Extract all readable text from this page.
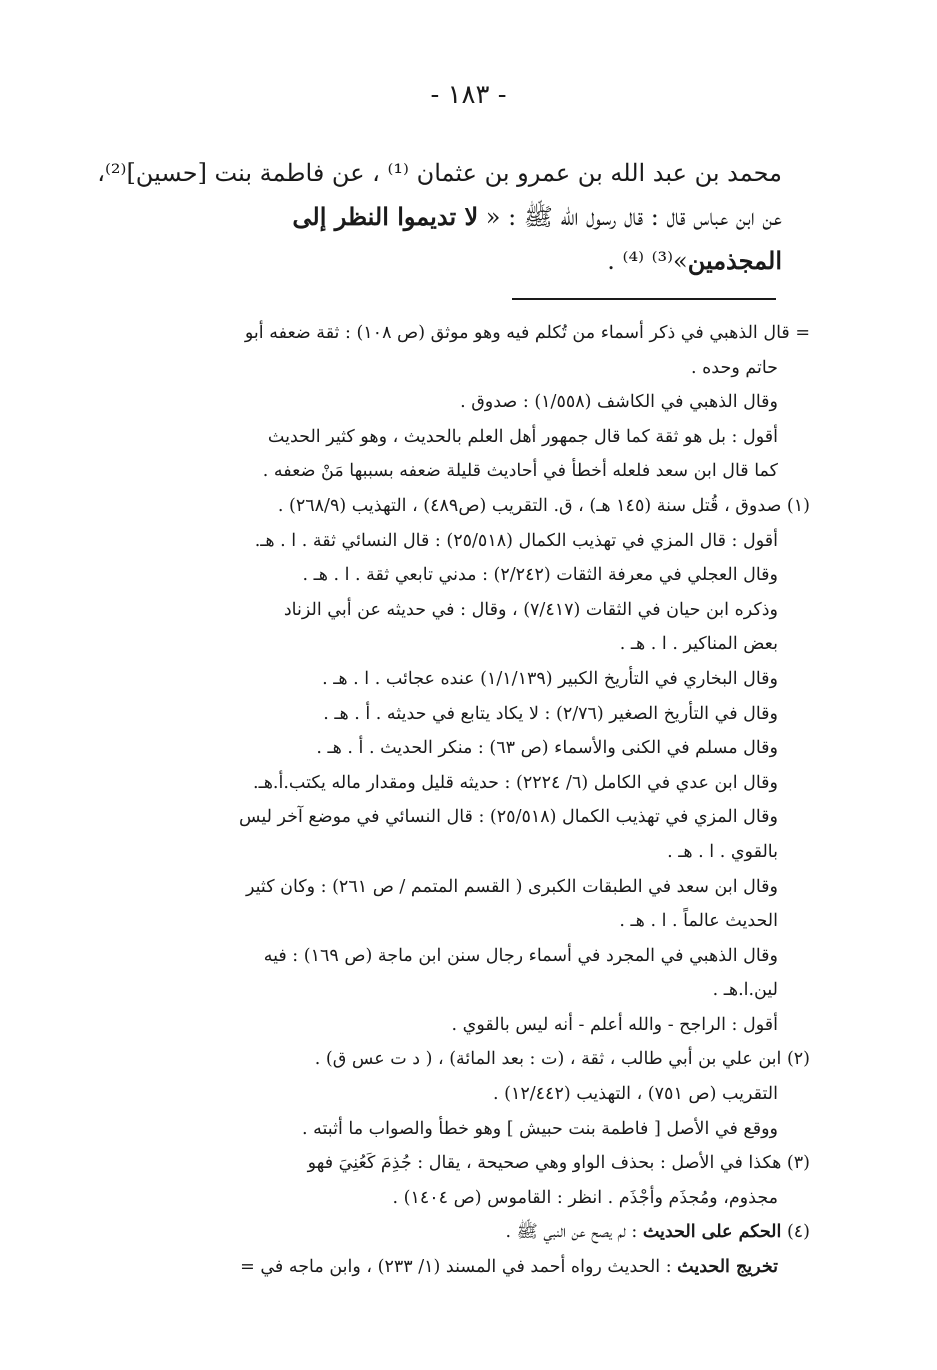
- ١٨٣ -
محمد بن عبد الله بن عمرو بن عثمان ⁽¹⁾ ، عن فاطمة بنت [حسين]⁽²⁾،
عن ابن عباس قال : قال رسول الله ﷺ : « لا تديموا النظر إلى
المجذمين»⁽³⁾ ⁽⁴⁾ .
= قال الذهبي في ذكر أسماء من تُكلم فيه وهو موثق (ص ١٠٨) : ثقة ضعفه أبو
حاتم وحده .
وقال الذهبي في الكاشف (١/٥٥٨) : صدوق .
أقول : بل هو ثقة كما قال جمهور أهل العلم بالحديث ، وهو كثير الحديث
كما قال ابن سعد فلعله أخطأ في أحاديث قليلة ضعفه بسببها مَنْ ضعفه .
(١) صدوق ، قُتل سنة (١٤٥ هـ) ، ق. التقريب (ص٤٨٩) ، التهذيب (٢٦٨/٩) .
أقول : قال المزي في تهذيب الكمال (٢٥/٥١٨) : قال النسائي ثقة . ا . هـ.
وقال العجلي في معرفة الثقات (٢/٢٤٢) : مدني تابعي ثقة . ا . هـ .
وذكره ابن حيان في الثقات (٧/٤١٧) ، وقال : في حديثه عن أبي الزناد
بعض المناكير . ا . هـ .
وقال البخاري في التأريخ الكبير (١/١/١٣٩) عنده عجائب . ا . هـ .
وقال في التأريخ الصغير (٢/٧٦) : لا يكاد يتابع في حديثه . أ . هـ .
وقال مسلم في الكنى والأسماء (ص ٦٣) : منكر الحديث . أ . هـ .
وقال ابن عدي في الكامل (٦/ ٢٢٢٤) : حديثه قليل ومقدار ماله يكتب.أ.هـ.
وقال المزي في تهذيب الكمال (٢٥/٥١٨) : قال النسائي في موضع آخر ليس
بالقوي . ا . هـ .
وقال ابن سعد في الطبقات الكبرى ( القسم المتمم / ص ٢٦١) : وكان كثير
الحديث عالماً . ا . هـ .
وقال الذهبي في المجرد في أسماء رجال سنن ابن ماجة (ص ١٦٩) : فيه
لين.ا.هـ .
أقول : الراجح - والله أعلم - أنه ليس بالقوي .
(٢) ابن علي بن أبي طالب ، ثقة ، (ت : بعد المائة) ، ( د ت عس ق) .
التقريب (ص ٧٥١) ، التهذيب (١٢/٤٤٢) .
ووقع في الأصل [ فاطمة بنت حبيش ] وهو خطأ والصواب ما أثبته .
(٣) هكذا في الأصل : بحذف الواو وهي صحيحة ، يقال : جُذِمَ كَعُنِيَ فهو
مجذوم، ومُجذَم وأجْذَم . انظر : القاموس (ص ١٤٠٤) .
(٤) الحكم على الحديث : لم يصح عن النبي ﷺ .
تخريج الحديث : الحديث رواه أحمد في المسند (١/ ٢٣٣) ، وابن ماجه في =
